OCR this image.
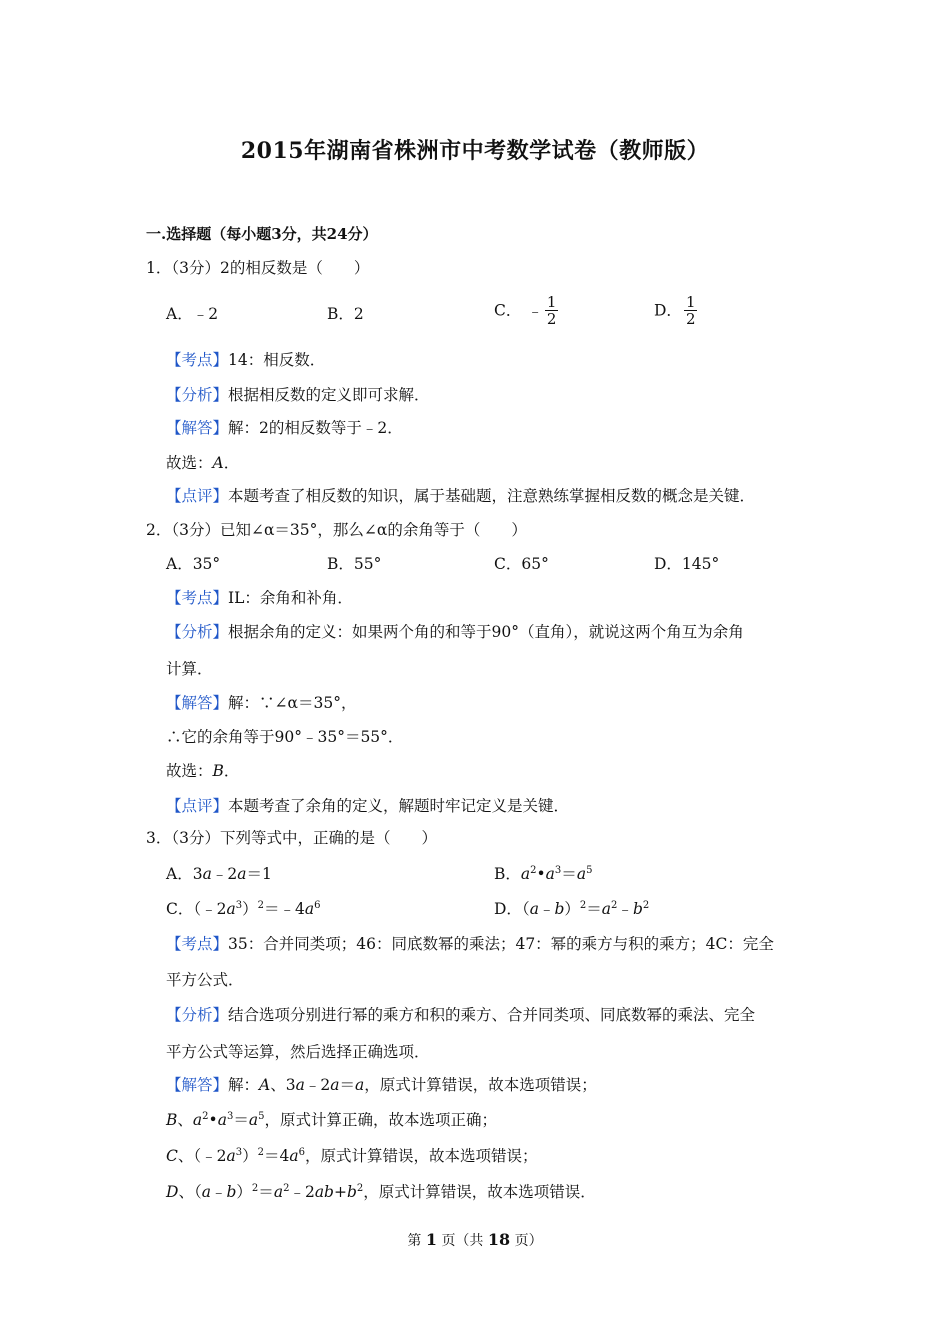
2015年湖南省株洲市中考数学试卷（教师版）
一.选择题（每小题3分，共24分）
1．（3分）2的相反数是（　　）
A．﹣2	B．2	C． ﹣ $\frac{1}{2}$	D． $\frac{1}{2}$
【考点】14：相反数．
【分析】根据相反数的定义即可求解．
【解答】解：2的相反数等于﹣2．
故选：A．
【点评】本题考查了相反数的知识，属于基础题，注意熟练掌握相反数的概念是关键．
2．（3分）已知∠α＝35°，那么∠α的余角等于（　　）
A．35°	B．55°	C．65°	D．145°
【考点】IL：余角和补角．
【分析】根据余角的定义：如果两个角的和等于90°（直角），就说这两个角互为余角
计算．
【解答】解：∵∠α＝35°，
∴它的余角等于90°﹣35°＝55°．
故选：B．
【点评】本题考查了余角的定义，解题时牢记定义是关键．
3．（3分）下列等式中，正确的是（　　）
A．3a﹣2a＝1	B．$a^2•a^3=a^5$
C．$(﹣2a^3)^2=﹣4a^6$	D．$(a﹣b)^2=a^2﹣b^2$
【考点】35：合并同类项；46：同底数幂的乘法；47：幂的乘方与积的乘方；4C：完全
平方公式．
【分析】结合选项分别进行幂的乘方和积的乘方、合并同类项、同底数幂的乘法、完全
平方公式等运算，然后选择正确选项．
【解答】解：A、3a﹣2a＝a，原式计算错误，故本选项错误；
B、$a^2•a^3=a^5$，原式计算正确，故本选项正确；
C、$(﹣2a^3)^2=4a^6$，原式计算错误，故本选项错误；
D、$(a﹣b)^2=a^2﹣2ab+b^2$，原式计算错误，故本选项错误．
第 1 页（共 18 页）
